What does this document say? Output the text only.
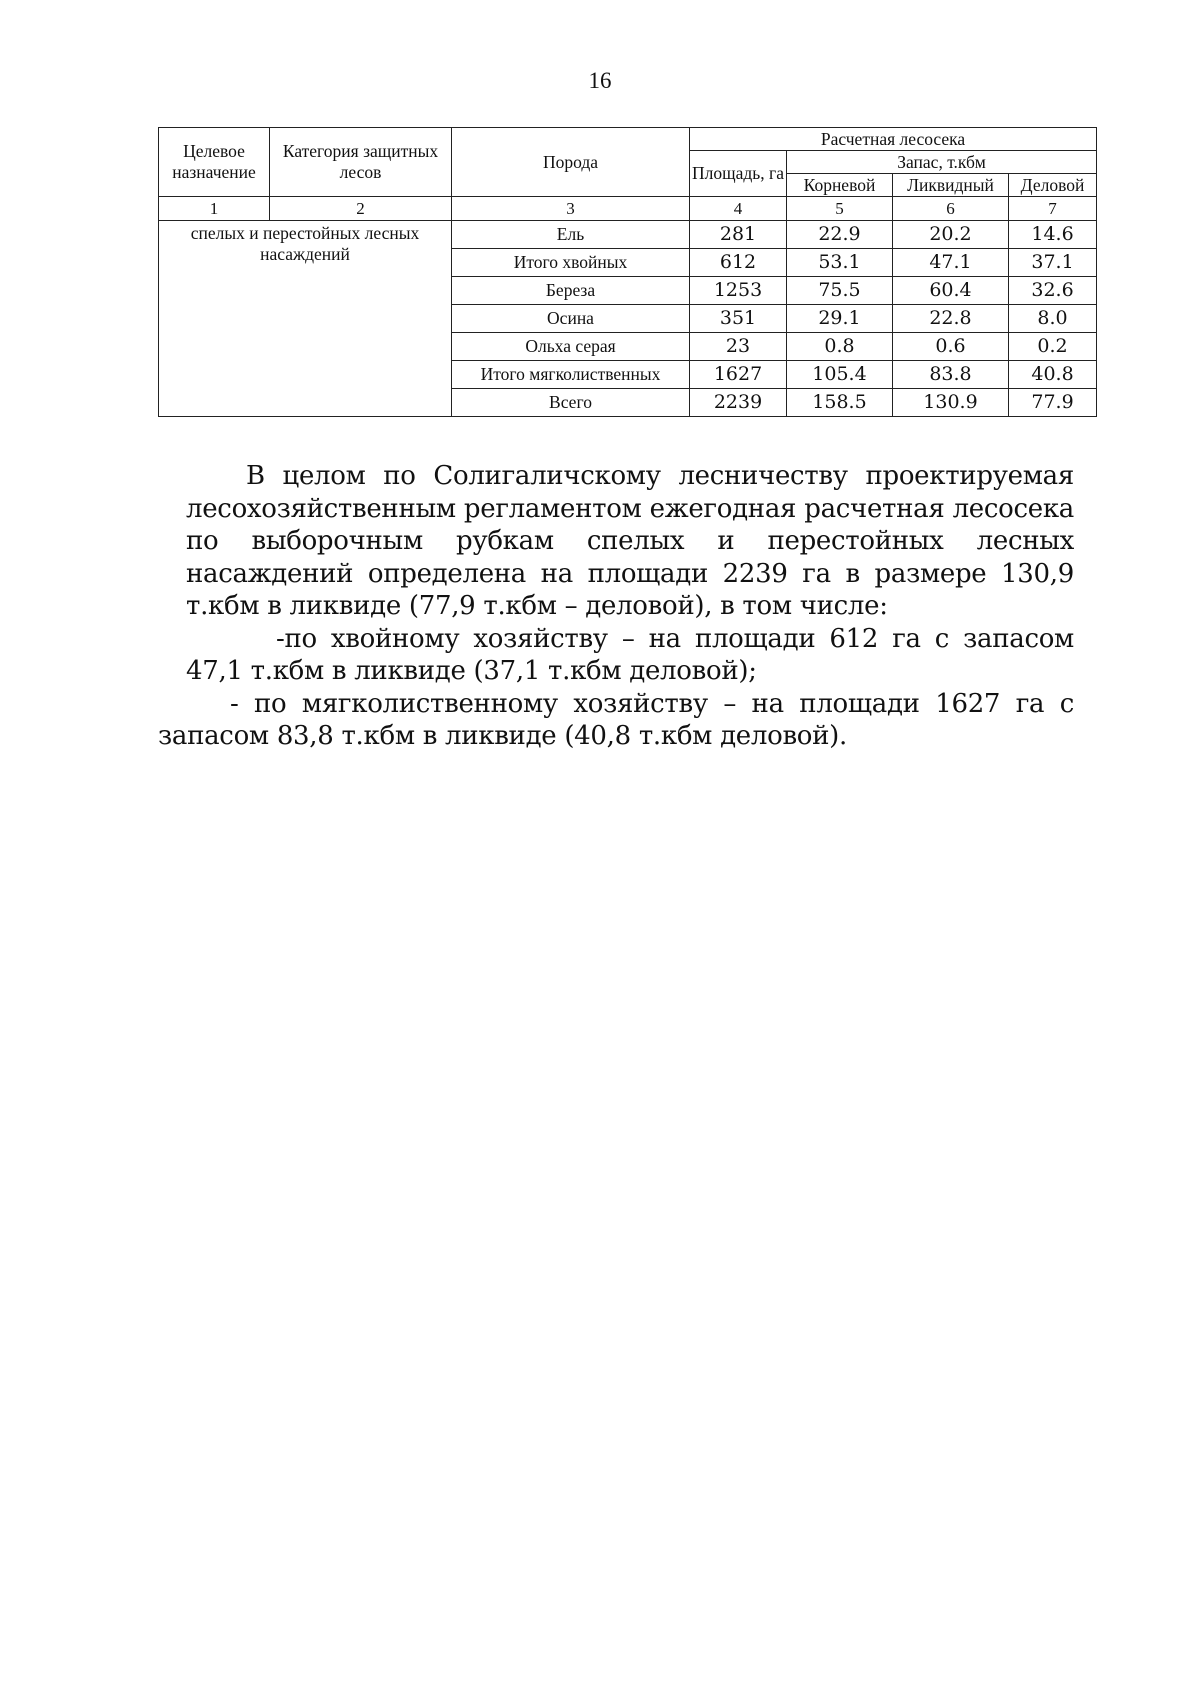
16
Целевое назначение	Категория защитных лесов	Порода	Расчетная лесосека			
			Площадь, га	Запас, т.кбм		
				Корневой	Ликвидный	Деловой
1	2	3	4	5	6	7
спелых и перестойных лесных насаждений		Ель	281	22.9	20.2	14.6
		Итого хвойных	612	53.1	47.1	37.1
		Береза	1253	75.5	60.4	32.6
		Осина	351	29.1	22.8	8.0
		Ольха серая	23	0.8	0.6	0.2
		Итого мягколиственных	1627	105.4	83.8	40.8
		Всего	2239	158.5	130.9	77.9

В целом по Солигаличскому лесничеству проектируемая лесохозяйственным регламентом ежегодная расчетная лесосека по выборочным рубкам спелых и перестойных лесных насаждений определена на площади 2239 га в размере 130,9 т.кбм в ликвиде (77,9 т.кбм – деловой), в том числе:

-по хвойному хозяйству – на площади 612 га с запасом 47,1 т.кбм в ликвиде (37,1 т.кбм деловой);

- по мягколиственному хозяйству – на площади 1627 га с запасом 83,8 т.кбм в ликвиде (40,8 т.кбм деловой).
